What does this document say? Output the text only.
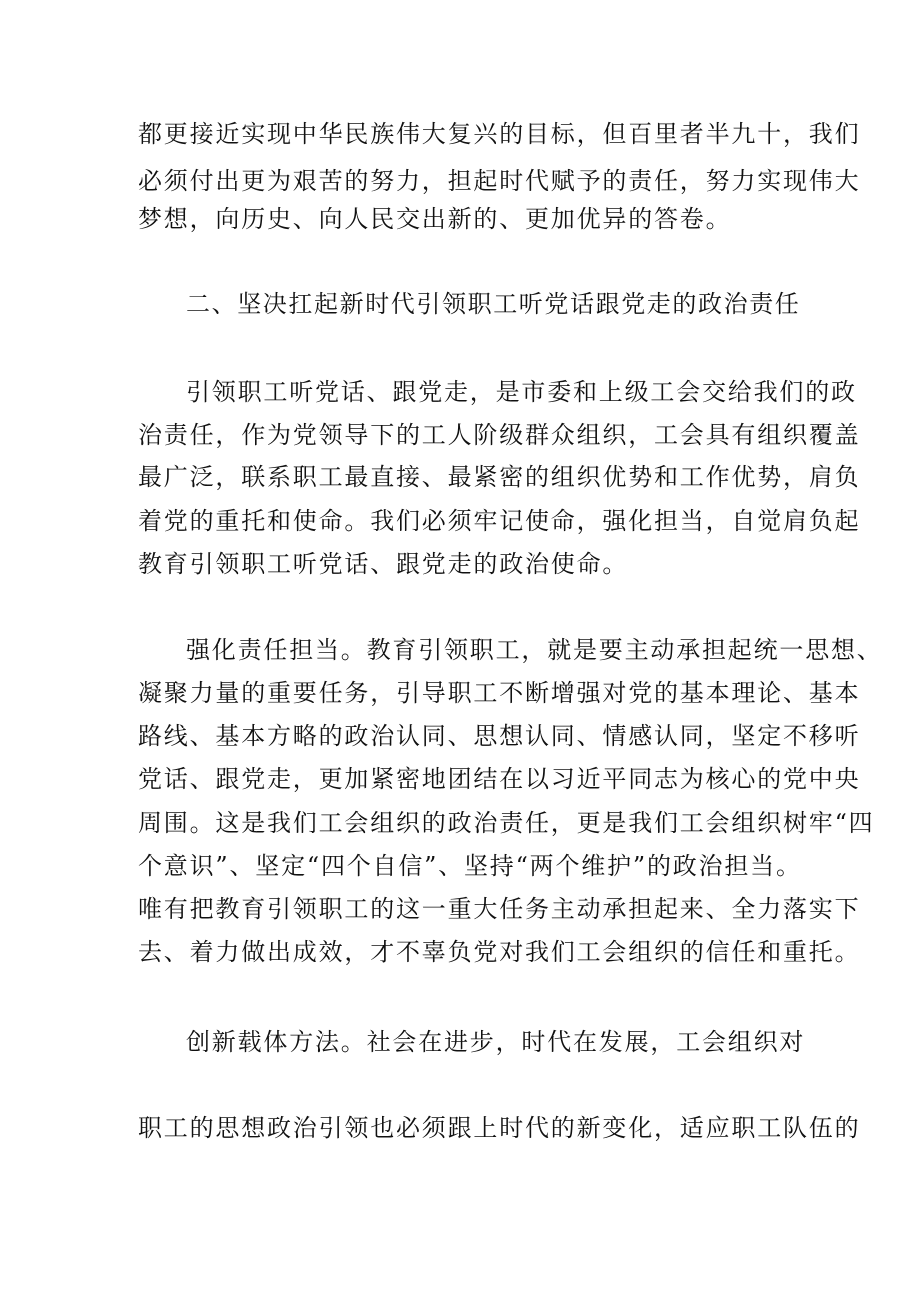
都更接近实现中华民族伟大复兴的目标，但百里者半九十，我们
必须付出更为艰苦的努力，担起时代赋予的责任，努力实现伟大
梦想，向历史、向人民交出新的、更加优异的答卷。
二、坚决扛起新时代引领职工听党话跟党走的政治责任
引领职工听党话、跟党走，是市委和上级工会交给我们的政
治责任，作为党领导下的工人阶级群众组织，工会具有组织覆盖
最广泛，联系职工最直接、最紧密的组织优势和工作优势，肩负
着党的重托和使命。我们必须牢记使命，强化担当，自觉肩负起
教育引领职工听党话、跟党走的政治使命。
强化责任担当。教育引领职工，就是要主动承担起统一思想、
凝聚力量的重要任务，引导职工不断增强对党的基本理论、基本
路线、基本方略的政治认同、思想认同、情感认同，坚定不移听
党话、跟党走，更加紧密地团结在以习近平同志为核心的党中央
周围。这是我们工会组织的政治责任，更是我们工会组织树牢“四
个意识”、坚定“四个自信”、坚持“两个维护”的政治担当。
唯有把教育引领职工的这一重大任务主动承担起来、全力落实下
去、着力做出成效，才不辜负党对我们工会组织的信任和重托。
创新载体方法。社会在进步，时代在发展，工会组织对
职工的思想政治引领也必须跟上时代的新变化，适应职工队伍的
